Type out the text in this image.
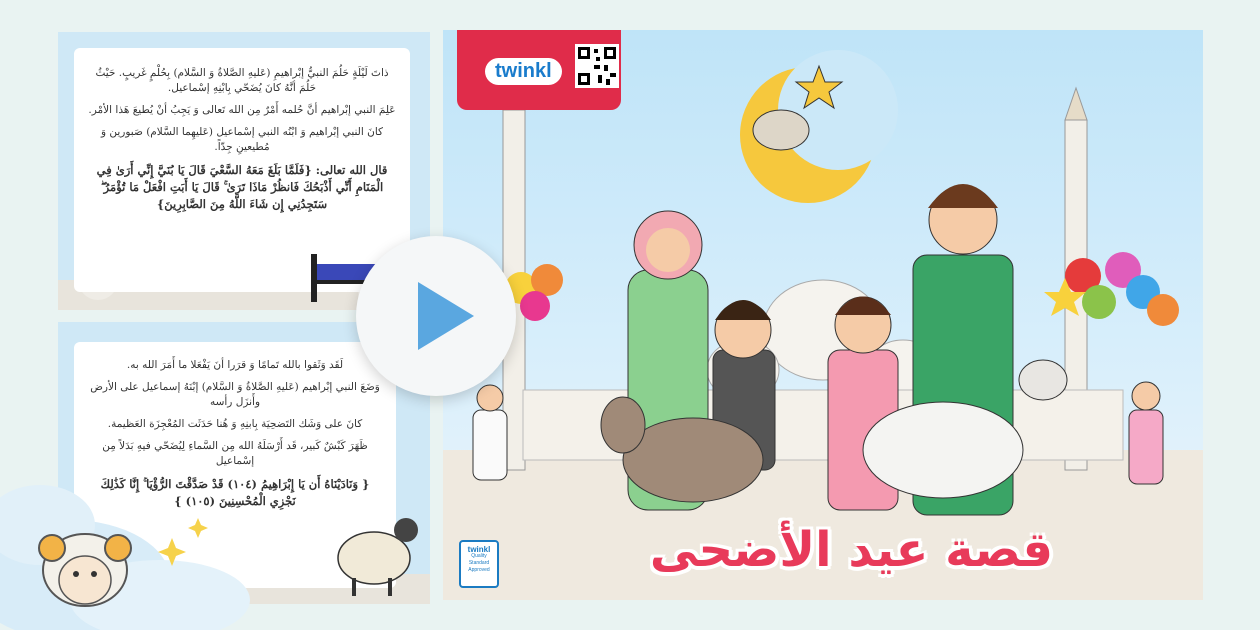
ذاتَ لَيْلَةٍ حَلُمَ النبيُّ إبْراهيمِ (عَليهِ الصَّلاةُ وَ السَّلام) بِحُلْمٍ غَريبٍ. حَيْثُ حَلُمَ أنَّهُ كانَ يُضَحّي بِابْنِهِ إسْماعيل.

عَلِمَ النبي إبْراهيم أنَّ حُلمه أَمْرٌ مِن الله تَعالى وَ يَجِبُ أنْ يُطيعَ هَذا الأمْر.

كانَ النبي إبْراهيم وَ ابْنُه النبي إسْماعيل (عَليهِما السَّلام) صَبورين وَ مُطيعينِ جِدّاً.

قال الله تعالى: {فَلَمَّا بَلَغَ مَعَهُ السَّعْيَ قَالَ يَا بُنَيَّ إِنِّي أَرَىٰ فِي الْمَنَامِ أَنِّي أَذْبَحُكَ فَانظُرْ مَاذَا تَرَىٰ ۚ قَالَ يَا أَبَتِ افْعَلْ مَا تُؤْمَرُ ۖ سَتَجِدُنِي إِن شَاءَ اللَّهُ مِنَ الصَّابِرِينَ}

لَقَد وَثَقوا بالله تَمامًا وَ قرَرا أنَ يَفْعَلا ما أَمَرَ الله به.

وَضَعَ النبي إبْراهيم (عَليهِ الصَّلاةُ وَ السَّلام) إبْنَهُ إسماعيل على الأرض وأَنزَل رأسه

كانَ على وَشَك التَضحِيَة بِابنِهِ وَ هُنا حَدَثَت المُعْجِزَة العَظيمة.

ظَهَرَ كَبْشٌ كَبير، قَد أَرْسَلَهُ الله مِن السَّماءِ لِيُضَحّي فيهِ بَدَلاً مِن إسْماعيل

{ وَنَادَيْنَاهُ أَن يَا إِبْرَاهِيمُ (١٠٤) قَدْ صَدَّقْتَ الرُّؤْيَا ۚ إِنَّا كَذَٰلِكَ نَجْزِي الْمُحْسِنِينَ (١٠٥) }

twinkl
قصة عيد الأضحى
twinkl
Quality Standard
Approved
